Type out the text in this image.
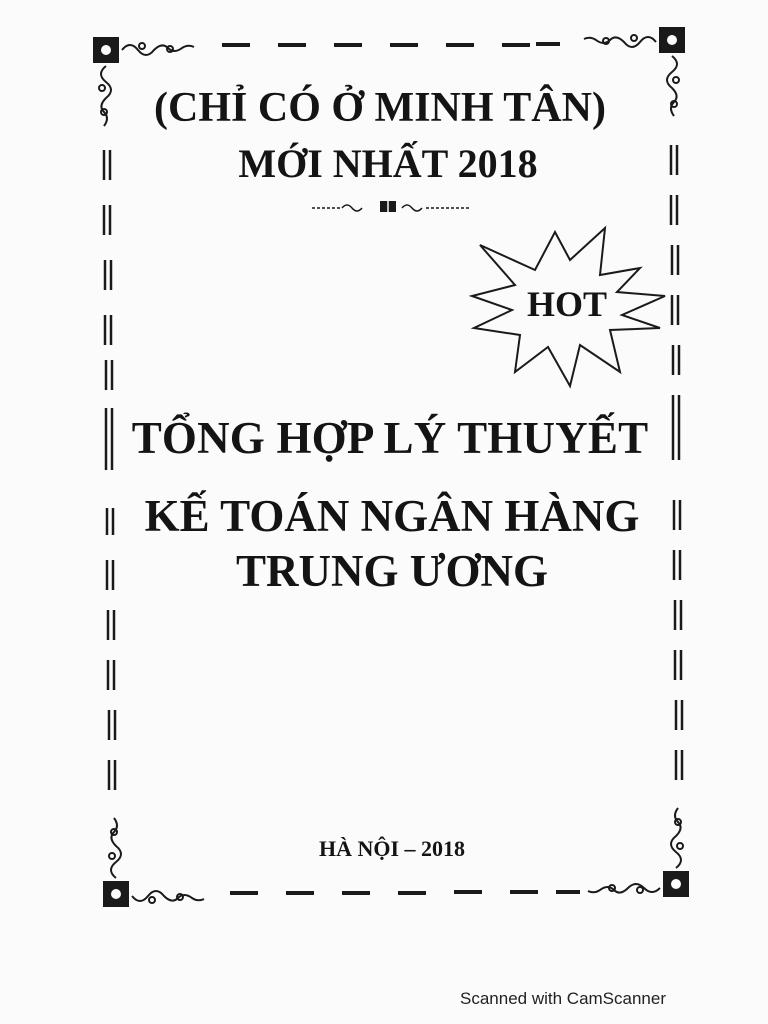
(CHỈ CÓ Ở MINH TÂN)
MỚI NHẤT 2018
HOT
TỔNG HỢP LÝ THUYẾT
KẾ TOÁN NGÂN HÀNG
TRUNG ƯƠNG
HÀ NỘI – 2018
Scanned with CamScanner
